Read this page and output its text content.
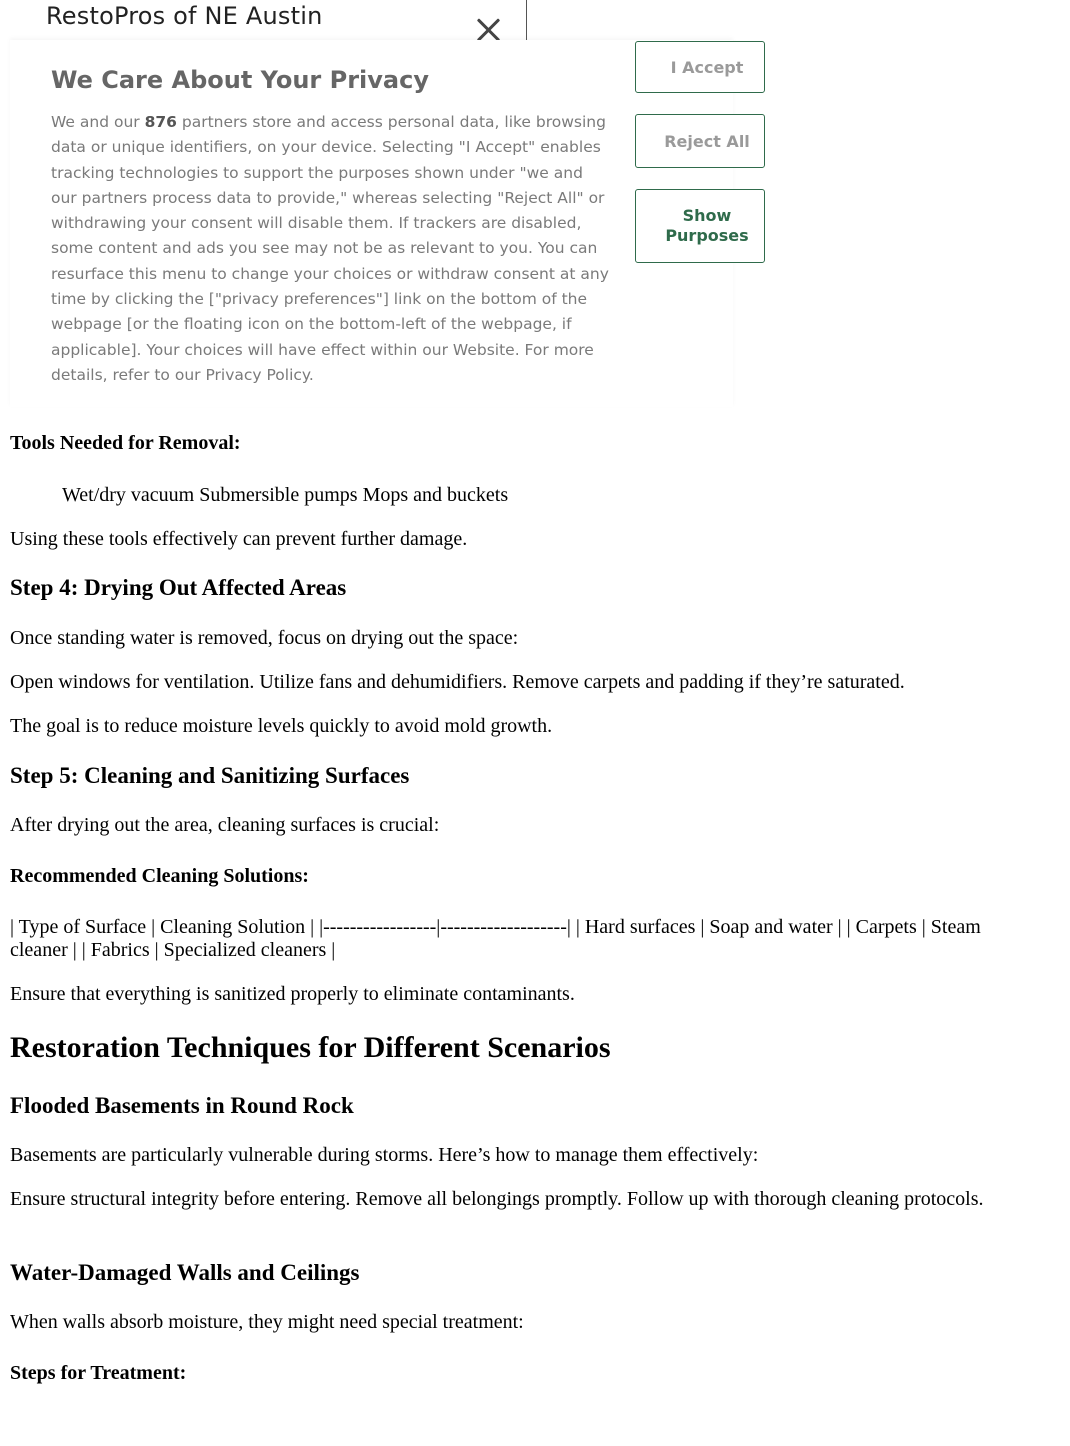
Tools Needed for Removal:
Wet/dry vacuum Submersible pumps Mops and buckets
Using these tools effectively can prevent further damage.
Step 4: Drying Out Affected Areas
Once standing water is removed, focus on drying out the space:
Open windows for ventilation. Utilize fans and dehumidifiers. Remove carpets and padding if they’re saturated.
The goal is to reduce moisture levels quickly to avoid mold growth.
Step 5: Cleaning and Sanitizing Surfaces
After drying out the area, cleaning surfaces is crucial:
Recommended Cleaning Solutions:
| Type of Surface | Cleaning Solution | |-----------------|-------------------| | Hard surfaces | Soap and water | | Carpets | Steam cleaner | | Fabrics | Specialized cleaners |
Ensure that everything is sanitized properly to eliminate contaminants.
Restoration Techniques for Different Scenarios
Flooded Basements in Round Rock
Basements are particularly vulnerable during storms. Here’s how to manage them effectively:
Ensure structural integrity before entering. Remove all belongings promptly. Follow up with thorough cleaning protocols.
Water-Damaged Walls and Ceilings
When walls absorb moisture, they might need special treatment:
Steps for Treatment:
RestoPros of NE Austin
We Care About Your Privacy

We and our 876 partners store and access personal data, like browsing data or unique identifiers, on your device. Selecting "I Accept" enables tracking technologies to support the purposes shown under "we and our partners process data to provide," whereas selecting "Reject All" or withdrawing your consent will disable them. If trackers are disabled, some content and ads you see may not be as relevant to you. You can resurface this menu to change your choices or withdraw consent at any time by clicking the ["privacy preferences"] link on the bottom of the webpage [or the floating icon on the bottom-left of the webpage, if applicable]. Your choices will have effect within our Website. For more details, refer to our Privacy Policy.

I Accept
Reject All
Show
Purposes
